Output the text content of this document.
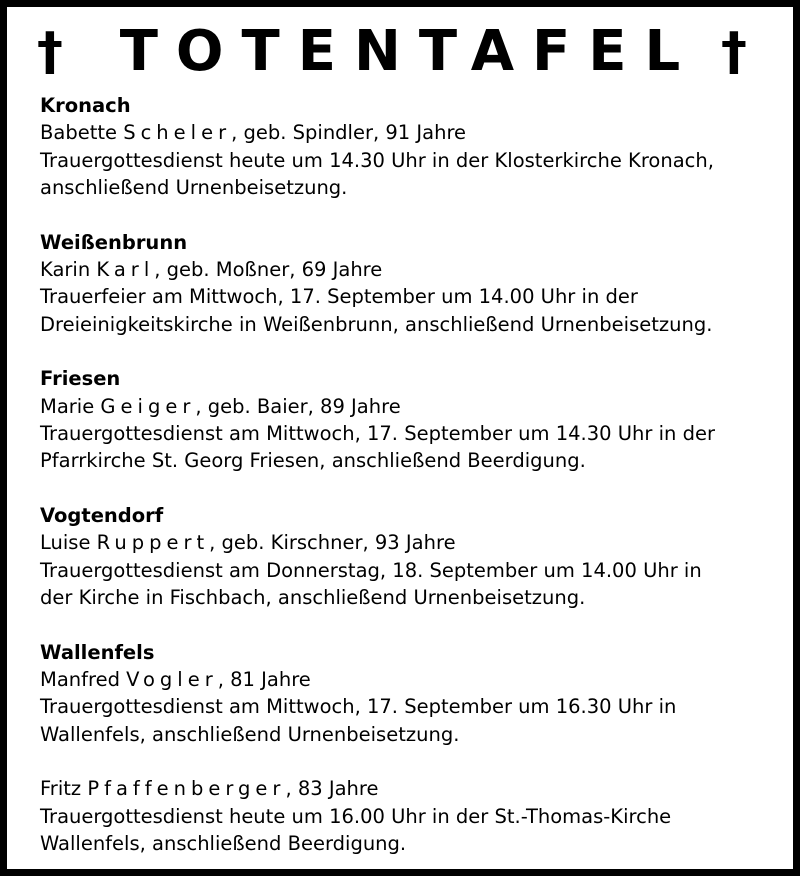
†	TOTENTAFEL †
Kronach
Babette Scheler, geb. Spindler, 91 Jahre
Trauergottesdienst heute um 14.30 Uhr in der Klosterkirche Kronach,
anschließend Urnenbeisetzung.
Weißenbrunn
Karin Karl, geb. Moßner, 69 Jahre
Trauerfeier am Mittwoch, 17. September um 14.00 Uhr in der
Dreieinigkeitskirche in Weißenbrunn, anschließend Urnenbeisetzung.
Friesen
Marie Geiger, geb. Baier, 89 Jahre
Trauergottesdienst am Mittwoch, 17. September um 14.30 Uhr in der
Pfarrkirche St. Georg Friesen, anschließend Beerdigung.
Vogtendorf
Luise Ruppert, geb. Kirschner, 93 Jahre
Trauergottesdienst am Donnerstag, 18. September um 14.00 Uhr in
der Kirche in Fischbach, anschließend Urnenbeisetzung.
Wallenfels
Manfred Vogler, 81 Jahre
Trauergottesdienst am Mittwoch, 17. September um 16.30 Uhr in
Wallenfels, anschließend Urnenbeisetzung.
Fritz Pfaffenberger, 83 Jahre
Trauergottesdienst heute um 16.00 Uhr in der St.-Thomas-Kirche
Wallenfels, anschließend Beerdigung.
